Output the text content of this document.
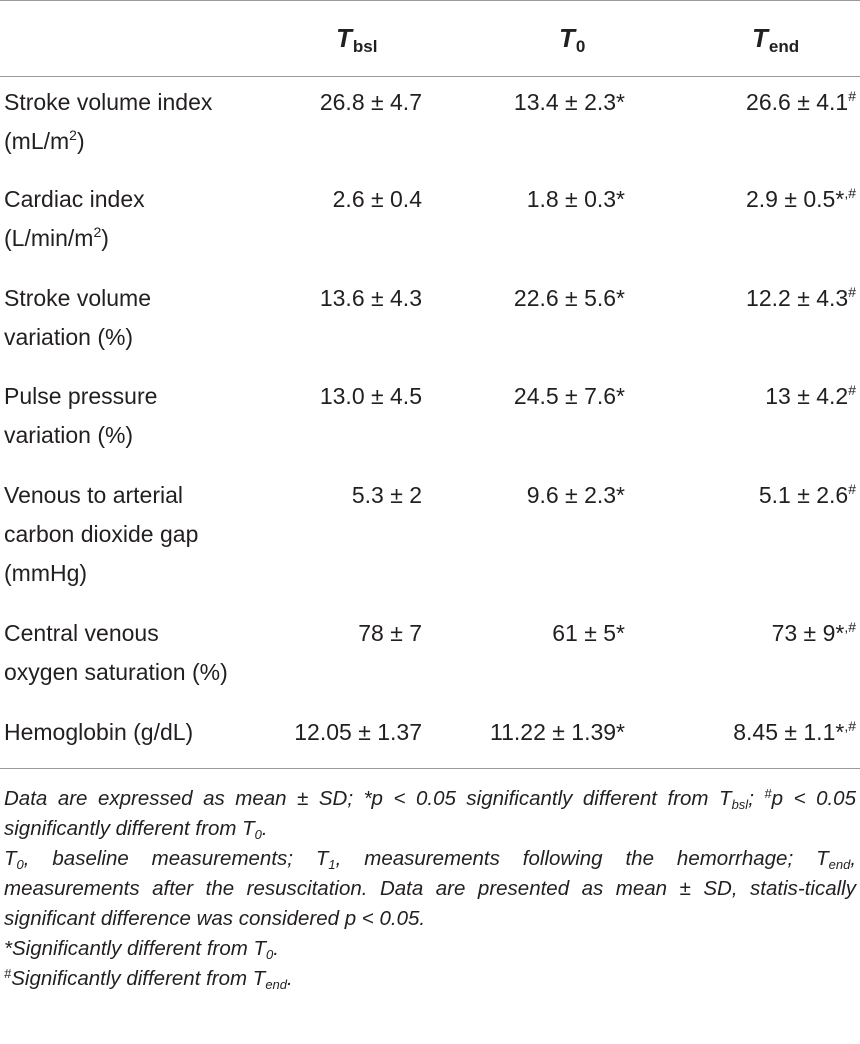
Tbsl	T0	Tend
Stroke volume index
$(mL/m^2)$
26.8 ± 4.7	13.4 ± 2.3*	26.6 ± 4.1#
Cardiac index
$(L/\min/m^2)$
2.6 ± 0.4	1.8 ± 0.3*	2.9 ± 0.5*,#
Stroke volume
variation (%)
13.6 ± 4.3	22.6 ± 5.6*	12.2 ± 4.3#
Pulse pressure
variation (%)
13.0 ± 4.5	24.5 ± 7.6*	13 ± 4.2#
Venous to arterial
carbon dioxide gap
(mmHg)
5.3 ± 2	9.6 ± 2.3*	5.1 ± 2.6#
Central venous
oxygen saturation (%)
78 ± 7	61 ± 5*	73 ± 9*,#
Hemoglobin (g/dL)	12.05 ± 1.37	11.22 ± 1.39*	8.45 ± 1.1*,#

Data are expressed as mean ± SD; *p < 0.05 significantly different from $T_{bsl}$; #p < 0.05 significantly different from $T_0$.

$T_0$, baseline measurements; $T_1$, measurements following the hemorrhage; $T_{end}$, measurements after the resuscitation. Data are presented as mean ± SD, statis-tically significant difference was considered p < 0.05.

*Significantly different from $T_0$.

#Significantly different from $T_{end}$.
